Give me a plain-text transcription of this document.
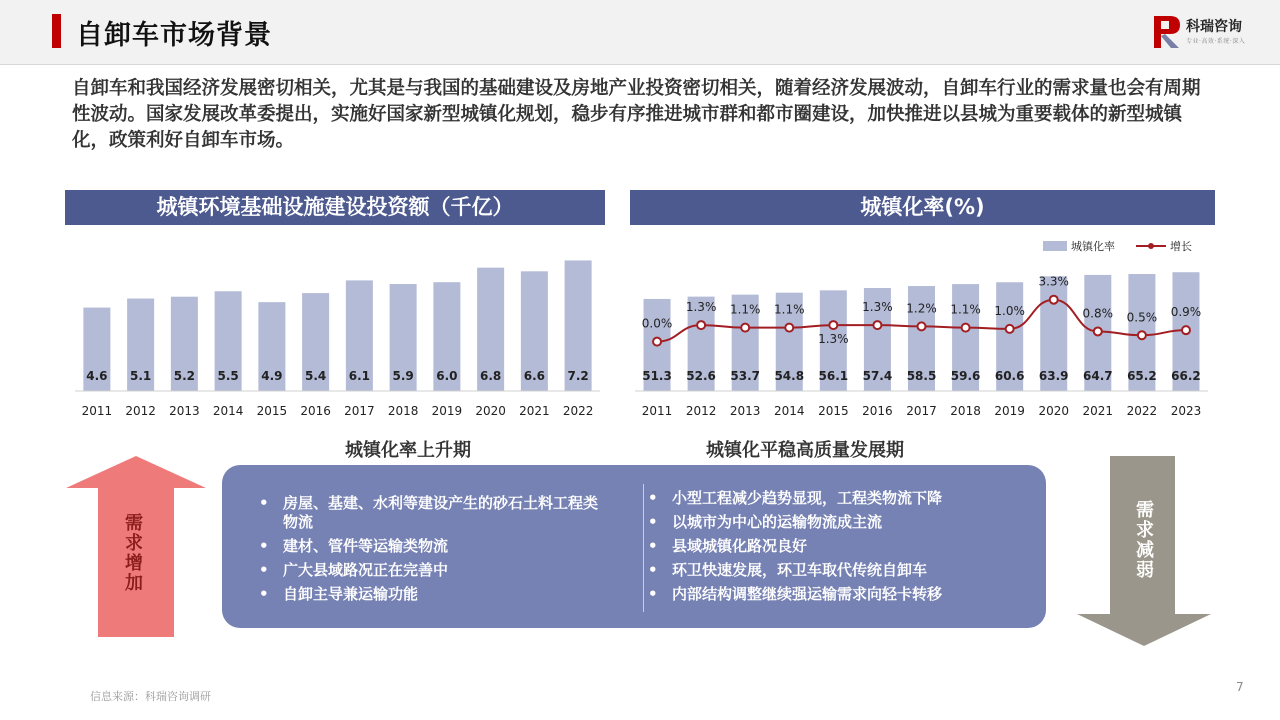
自卸车市场背景	科瑞咨询
专业·高效·系统·深入
自卸车和我国经济发展密切相关，尤其是与我国的基础建设及房地产业投资密切相关，随着经济发展波动，自卸车行业的需求量也会有周期性波动。国家发展改革委提出，实施好国家新型城镇化规划，稳步有序推进城市群和都市圈建设，加快推进以县城为重要载体的新型城镇化，政策利好自卸车市场。
城镇环境基础设施建设投资额（千亿）	城镇化率(%)
4.6
2011
5.1
2012
5.2
2013
5.5
2014
4.9
2015
5.4
2016
6.1
2017
5.9
2018
6.0
2019
6.8
2020
6.6
2021
7.2
2022
51.3
2011
52.6
2012
53.7
2013
54.8
2014
56.1
2015
57.4
2016
58.5
2017
59.6
2018
60.6
2019
63.9
2020
64.7
2021
65.2
2022
66.2
2023
0.0%
1.3% 1.1% 1.1%
1.3%
1.3% 1.2% 1.1% 1.0%
3.3%
0.8% 0.5% 0.9%
城镇化率	增长
城镇化率上升期	城镇化平稳高质量发展期
需求增加	需求减弱
• 房屋、基建、水利等建设产生的砂石土料工程类物流
• 建材、管件等运输类物流
• 广大县域路况正在完善中
• 自卸主导兼运输功能
• 小型工程减少趋势显现，工程类物流下降
• 以城市为中心的运输物流成主流
• 县域城镇化路况良好
• 环卫快速发展，环卫车取代传统自卸车
• 内部结构调整继续强运输需求向轻卡转移
信息来源：科瑞咨询调研
7
